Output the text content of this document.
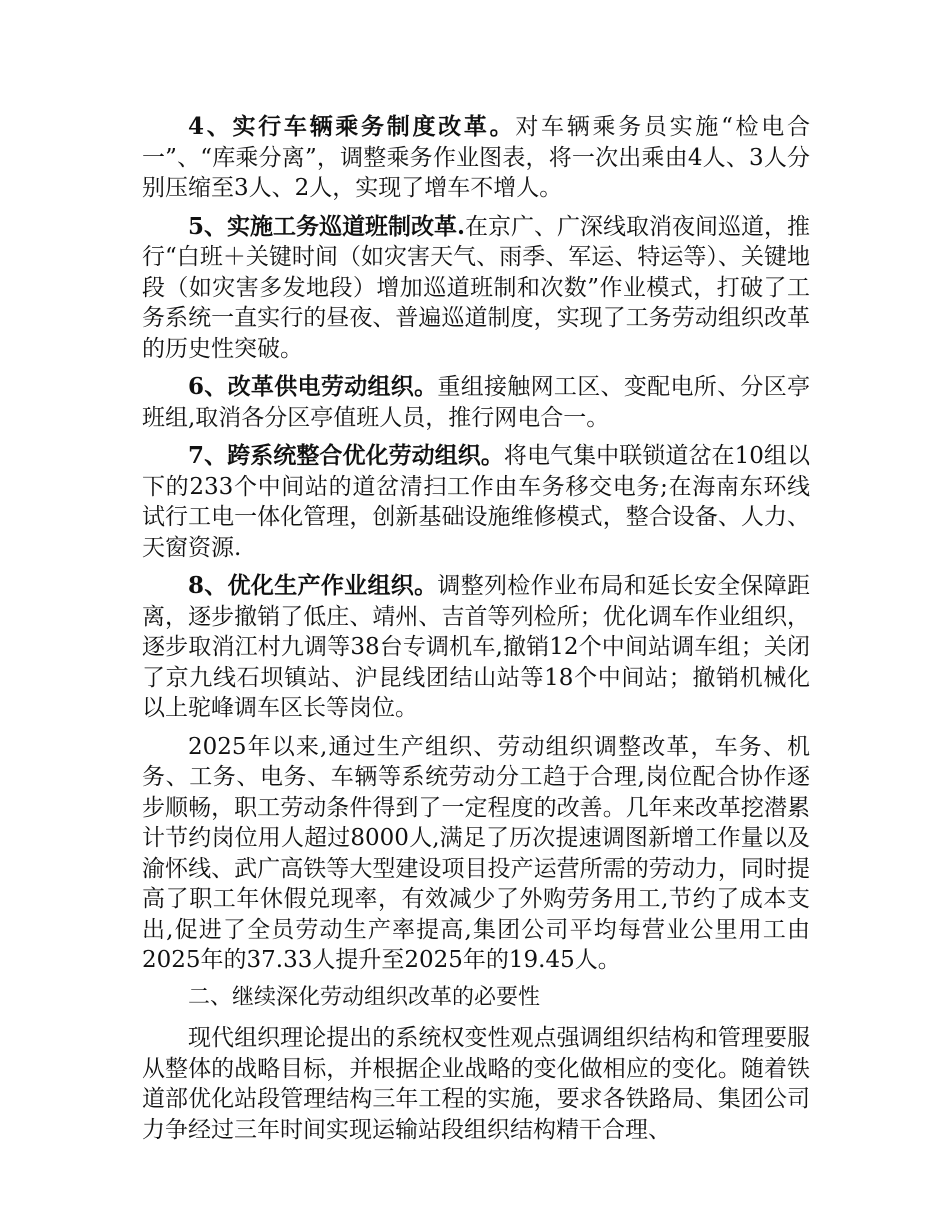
4、实行车辆乘务制度改革。对车辆乘务员实施“检电合一”、“库乘分离”，调整乘务作业图表，将一次出乘由4人、3人分别压缩至3人、2人，实现了增车不增人。

5、实施工务巡道班制改革.在京广、广深线取消夜间巡道，推行“白班＋关键时间（如灾害天气、雨季、军运、特运等）、关键地段（如灾害多发地段）增加巡道班制和次数”作业模式，打破了工务系统一直实行的昼夜、普遍巡道制度，实现了工务劳动组织改革的历史性突破。

6、改革供电劳动组织。重组接触网工区、变配电所、分区亭班组,取消各分区亭值班人员，推行网电合一。

7、跨系统整合优化劳动组织。将电气集中联锁道岔在10组以下的233个中间站的道岔清扫工作由车务移交电务;在海南东环线试行工电一体化管理，创新基础设施维修模式，整合设备、人力、天窗资源.

8、优化生产作业组织。调整列检作业布局和延长安全保障距离，逐步撤销了低庄、靖州、吉首等列检所；优化调车作业组织，逐步取消江村九调等38台专调机车,撤销12个中间站调车组；关闭了京九线石坝镇站、沪昆线团结山站等18个中间站；撤销机械化以上驼峰调车区长等岗位。

2025年以来,通过生产组织、劳动组织调整改革，车务、机务、工务、电务、车辆等系统劳动分工趋于合理,岗位配合协作逐步顺畅，职工劳动条件得到了一定程度的改善。几年来改革挖潜累计节约岗位用人超过8000人,满足了历次提速调图新增工作量以及渝怀线、武广高铁等大型建设项目投产运营所需的劳动力，同时提高了职工年休假兑现率，有效减少了外购劳务用工,节约了成本支出,促进了全员劳动生产率提高,集团公司平均每营业公里用工由2025年的37.33人提升至2025年的19.45人。

二、继续深化劳动组织改革的必要性

现代组织理论提出的系统权变性观点强调组织结构和管理要服从整体的战略目标，并根据企业战略的变化做相应的变化。随着铁道部优化站段管理结构三年工程的实施，要求各铁路局、集团公司力争经过三年时间实现运输站段组织结构精干合理、
